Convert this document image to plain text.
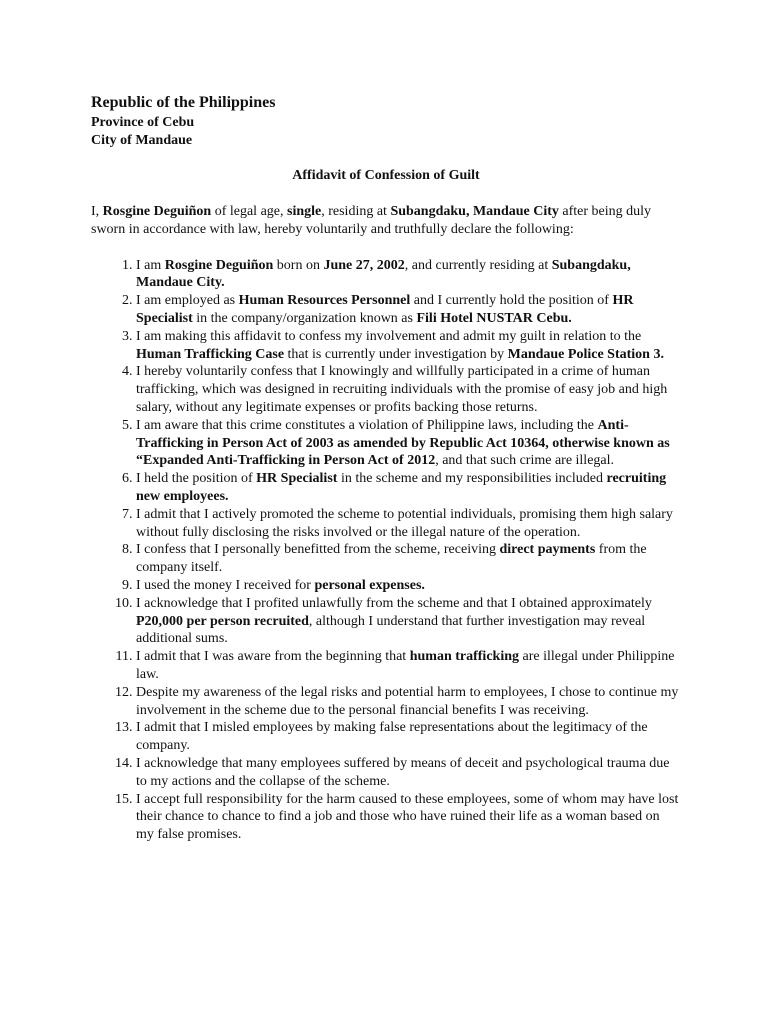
Republic of the Philippines
Province of Cebu
City of Mandaue
Affidavit of Confession of Guilt

I, Rosgine Deguiñon of legal age, single, residing at Subangdaku, Mandaue City after being duly sworn in accordance with law, hereby voluntarily and truthfully declare the following:

1. I am Rosgine Deguiñon born on June 27, 2002, and currently residing at Subangdaku, Mandaue City.
2. I am employed as Human Resources Personnel and I currently hold the position of HR Specialist in the company/organization known as Fili Hotel NUSTAR Cebu.
3. I am making this affidavit to confess my involvement and admit my guilt in relation to the Human Trafficking Case that is currently under investigation by Mandaue Police Station 3.
4. I hereby voluntarily confess that I knowingly and willfully participated in a crime of human trafficking, which was designed in recruiting individuals with the promise of easy job and high salary, without any legitimate expenses or profits backing those returns.
5. I am aware that this crime constitutes a violation of Philippine laws, including the Anti-Trafficking in Person Act of 2003 as amended by Republic Act 10364, otherwise known as “Expanded Anti-Trafficking in Person Act of 2012, and that such crime are illegal.
6. I held the position of HR Specialist in the scheme and my responsibilities included recruiting new employees.
7. I admit that I actively promoted the scheme to potential individuals, promising them high salary without fully disclosing the risks involved or the illegal nature of the operation.
8. I confess that I personally benefitted from the scheme, receiving direct payments from the company itself.
9. I used the money I received for personal expenses.
10. I acknowledge that I profited unlawfully from the scheme and that I obtained approximately P20,000 per person recruited, although I understand that further investigation may reveal additional sums.
11. I admit that I was aware from the beginning that human trafficking are illegal under Philippine law.
12. Despite my awareness of the legal risks and potential harm to employees, I chose to continue my involvement in the scheme due to the personal financial benefits I was receiving.
13. I admit that I misled employees by making false representations about the legitimacy of the company.
14. I acknowledge that many employees suffered by means of deceit and psychological trauma due to my actions and the collapse of the scheme.
15. I accept full responsibility for the harm caused to these employees, some of whom may have lost their chance to chance to find a job and those who have ruined their life as a woman based on my false promises.
